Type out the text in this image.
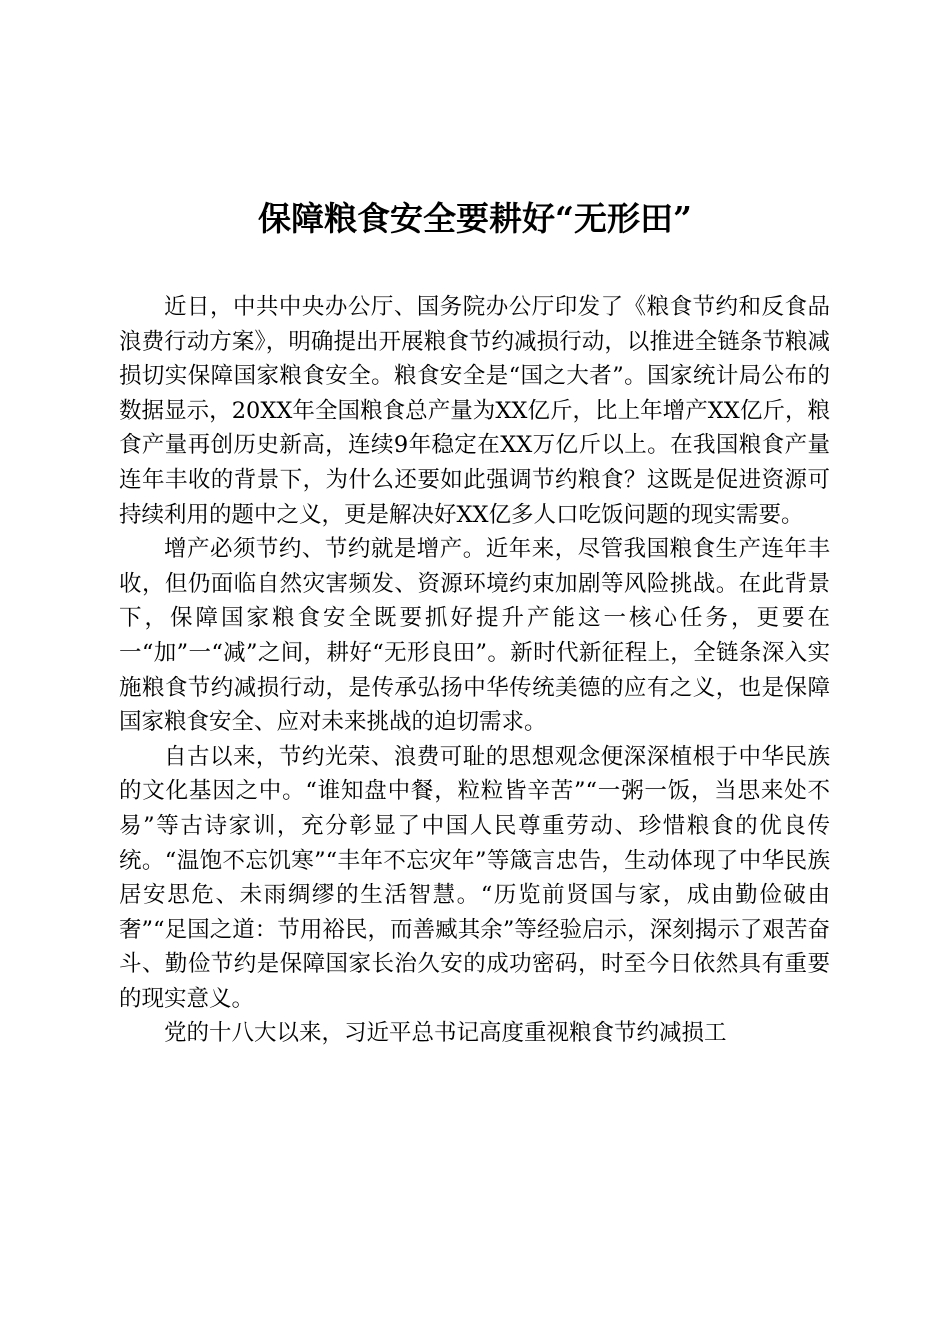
保障粮食安全要耕好“无形田”

近日，中共中央办公厅、国务院办公厅印发了《粮食节约和反食品浪费行动方案》，明确提出开展粮食节约减损行动，以推进全链条节粮减损切实保障国家粮食安全。粮食安全是“国之大者”。国家统计局公布的数据显示，20XX年全国粮食总产量为XX亿斤，比上年增产XX亿斤，粮食产量再创历史新高，连续9年稳定在XX万亿斤以上。在我国粮食产量连年丰收的背景下，为什么还要如此强调节约粮食？这既是促进资源可持续利用的题中之义，更是解决好XX亿多人口吃饭问题的现实需要。

增产必须节约、节约就是增产。近年来，尽管我国粮食生产连年丰收，但仍面临自然灾害频发、资源环境约束加剧等风险挑战。在此背景下，保障国家粮食安全既要抓好提升产能这一核心任务，更要在一“加”一“减”之间，耕好“无形良田”。新时代新征程上，全链条深入实施粮食节约减损行动，是传承弘扬中华传统美德的应有之义，也是保障国家粮食安全、应对未来挑战的迫切需求。

自古以来，节约光荣、浪费可耻的思想观念便深深植根于中华民族的文化基因之中。“谁知盘中餐，粒粒皆辛苦”“一粥一饭，当思来处不易”等古诗家训，充分彰显了中国人民尊重劳动、珍惜粮食的优良传统。“温饱不忘饥寒”“丰年不忘灾年”等箴言忠告，生动体现了中华民族居安思危、未雨绸缪的生活智慧。“历览前贤国与家，成由勤俭破由奢”“足国之道：节用裕民，而善臧其余”等经验启示，深刻揭示了艰苦奋斗、勤俭节约是保障国家长治久安的成功密码，时至今日依然具有重要的现实意义。

党的十八大以来，习近平总书记高度重视粮食节约减损工
